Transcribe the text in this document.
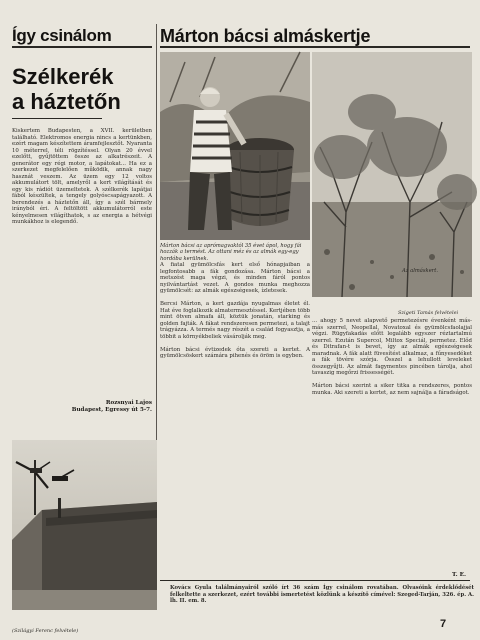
Így csinálom	Márton bácsi almáskertje
Szélkerék
a háztetőn
Kiskertem Budapesten, a XVII. kerületben található. Elektromos energia nincs a kertünkben, ezért magam készítettem áramfejlesztőt. Nyaranta 10 méterrel, téli rögzítéssel. Olyan 20 évvel ezelőtt, gyűjtöttem össze az alkatrészeit. A generátor egy régi motor, a lapátokat... Ha ez a szerkezet megfelelően működik, annak nagy hasznát veszem. Az üzem egy 12 voltos akkumulátort tölt, amelyről a kert világítását és egy kis rádiót üzemeltetek. A szélkerék lapátjai fából készültek, a tengely golyóscsapágyazott. A berendezés a háztetőn áll, így a szél bármely irányból éri. A feltöltött akkumulátorról este kényelmesen világíthatok, s az energia a hétvégi munkákhoz is elegendő.
Rozsnyai Lajos
Budapest, Egressy út 5-7.
(Szilágyi Ferenc felvétele)
Márton bácsi az aprómagvaktól 35 évet ápol, hogy fái hozzák a termést. Az ottani méz és az almák egy-egy hordóba kerülnek.
Az almáskert.
Szigeti Tamás felvételei
A fiatal gyümölcsfás kert első hónapjaiban a legfontosabb a fák gondozása. Márton bácsi a metszést maga végzi, és minden fáról pontos nyilvántartást vezet. A gondos munka meghozza gyümölcsét: az almák egészségesek, ízletesek.

Bercsi Márton, a kert gazdája nyugalmas életet él. Hat éve foglalkozik almatermesztéssel. Kertjében több mint ötven almafa áll, köztük jonatán, starking és golden fajták. A fákat rendszeresen permetezi, a talajt trágyázza. A termés nagy részét a család fogyasztja, a többit a környékbeliek vásárolják meg.

Márton bácsi évtizedek óta szereti a kertet. A gyümölcsöskert számára pihenés és öröm is egyben.
... ahogy 5 nevet alapvető permetezésre évenként más-más szerrel, Neopellal, Novatoxal és gyümölcsfaolajjal végzi. Rügyfakadás előtt legalább egyszer réztartalmú szerrel. Ezután Supercol, Miltox Speciál, permetez. Előd és Ditrafan-t is bevet, így az almák egészségesek maradnak. A fák alatt füvesítést alkalmaz, a fűnyesedéket a fák tövére szórja. Ősszel a lehullott leveleket összegyűjti. Az almát fagymentes pincében tárolja, ahol tavaszig megőrzi frissességét.

Márton bácsi szerint a siker titka a rendszeres, pontos munka. Aki szereti a kertet, az nem sajnálja a fáradságot.
T. E.
Kovács Gyula találmányairól szóló írt 36 szám Így csinálom rovatában. Olvasóink érdeklődését felkeltette a szerkezet, ezért további ismertetést közlünk a készítő címével: Szeged-Tarján, 326. ép. A. lh. II. em. 8.
7
